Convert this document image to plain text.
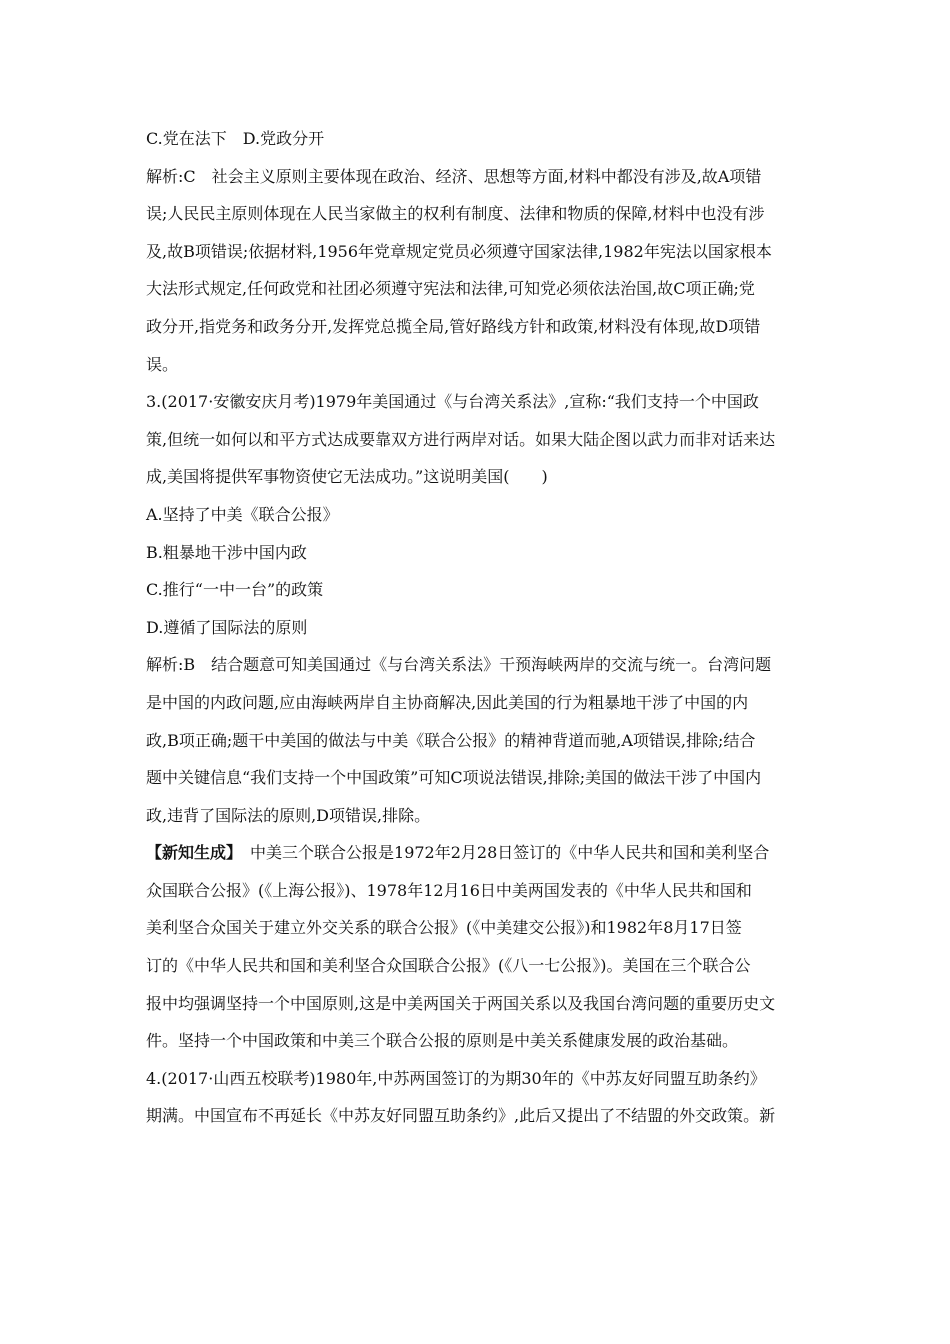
C.党在法下　D.党政分开
解析:C　社会主义原则主要体现在政治、经济、思想等方面,材料中都没有涉及,故A项错
误;人民民主原则体现在人民当家做主的权利有制度、法律和物质的保障,材料中也没有涉
及,故B项错误;依据材料,1956年党章规定党员必须遵守国家法律,1982年宪法以国家根本
大法形式规定,任何政党和社团必须遵守宪法和法律,可知党必须依法治国,故C项正确;党
政分开,指党务和政务分开,发挥党总揽全局,管好路线方针和政策,材料没有体现,故D项错
误。
3.(2017·安徽安庆月考)1979年美国通过《与台湾关系法》,宣称:“我们支持一个中国政
策,但统一如何以和平方式达成要靠双方进行两岸对话。如果大陆企图以武力而非对话来达
成,美国将提供军事物资使它无法成功。”这说明美国(　　)
A.坚持了中美《联合公报》
B.粗暴地干涉中国内政
C.推行“一中一台”的政策
D.遵循了国际法的原则
解析:B　结合题意可知美国通过《与台湾关系法》干预海峡两岸的交流与统一。台湾问题
是中国的内政问题,应由海峡两岸自主协商解决,因此美国的行为粗暴地干涉了中国的内
政,B项正确;题干中美国的做法与中美《联合公报》的精神背道而驰,A项错误,排除;结合
题中关键信息“我们支持一个中国政策”可知C项说法错误,排除;美国的做法干涉了中国内
政,违背了国际法的原则,D项错误,排除。
【新知生成】　中美三个联合公报是1972年2月28日签订的《中华人民共和国和美利坚合
众国联合公报》(《上海公报》)、1978年12月16日中美两国发表的《中华人民共和国和
美利坚合众国关于建立外交关系的联合公报》(《中美建交公报》)和1982年8月17日签
订的《中华人民共和国和美利坚合众国联合公报》(《八一七公报》)。美国在三个联合公
报中均强调坚持一个中国原则,这是中美两国关于两国关系以及我国台湾问题的重要历史文
件。坚持一个中国政策和中美三个联合公报的原则是中美关系健康发展的政治基础。
4.(2017·山西五校联考)1980年,中苏两国签订的为期30年的《中苏友好同盟互助条约》
期满。中国宣布不再延长《中苏友好同盟互助条约》,此后又提出了不结盟的外交政策。新
